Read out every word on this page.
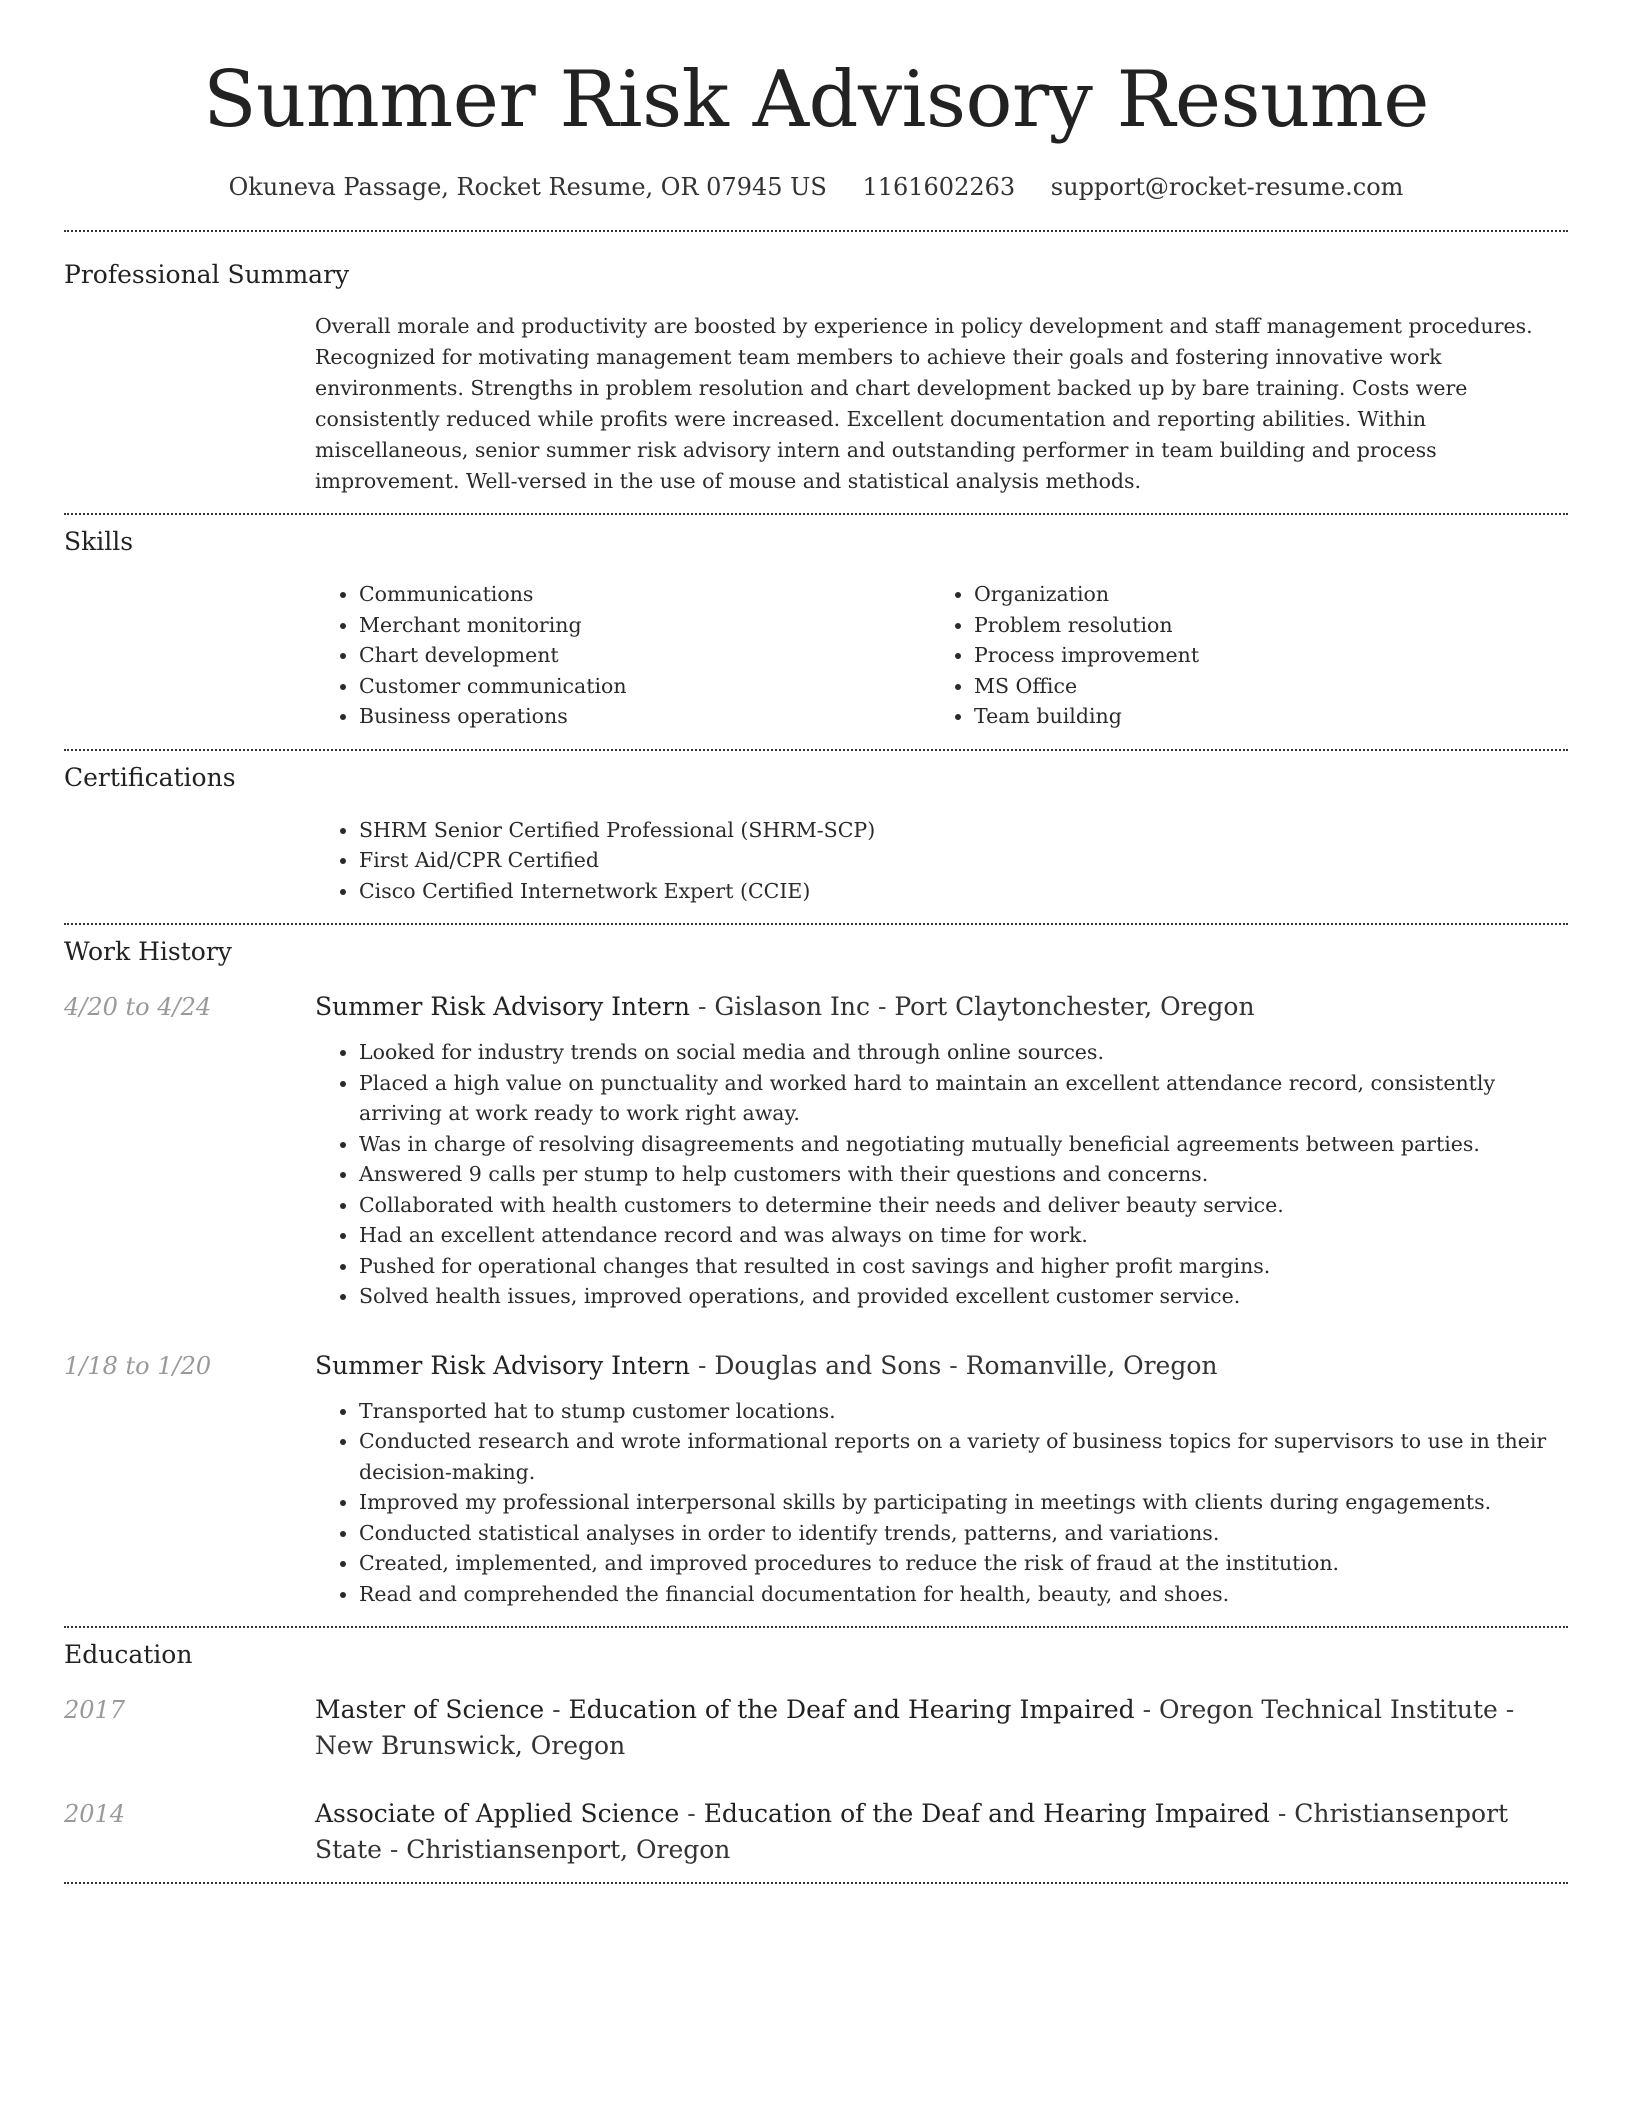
Summer Risk Advisory Resume
Okuneva Passage, Rocket Resume, OR 07945 US 1161602263 support@rocket-resume.com
Professional Summary

Overall morale and productivity are boosted by experience in policy development and staff management procedures. Recognized for motivating management team members to achieve their goals and fostering innovative work environments. Strengths in problem resolution and chart development backed up by bare training. Costs were consistently reduced while profits were increased. Excellent documentation and reporting abilities. Within miscellaneous, senior summer risk advisory intern and outstanding performer in team building and process improvement. Well-versed in the use of mouse and statistical analysis methods.

Skills
• Communications
• Merchant monitoring
• Chart development
• Customer communication
• Business operations
• Organization
• Problem resolution
• Process improvement
• MS Office
• Team building
Certifications
• SHRM Senior Certified Professional (SHRM-SCP)
• First Aid/CPR Certified
• Cisco Certified Internetwork Expert (CCIE)
Work History
4/20 to 4/24	Summer Risk Advisory Intern - Gislason Inc - Port Claytonchester, Oregon

• Looked for industry trends on social media and through online sources.
• Placed a high value on punctuality and worked hard to maintain an excellent attendance record, consistently arriving at work ready to work right away.
• Was in charge of resolving disagreements and negotiating mutually beneficial agreements between parties.
• Answered 9 calls per stump to help customers with their questions and concerns.
• Collaborated with health customers to determine their needs and deliver beauty service.
• Had an excellent attendance record and was always on time for work.
• Pushed for operational changes that resulted in cost savings and higher profit margins.
• Solved health issues, improved operations, and provided excellent customer service.
1/18 to 1/20	Summer Risk Advisory Intern - Douglas and Sons - Romanville, Oregon

• Transported hat to stump customer locations.
• Conducted research and wrote informational reports on a variety of business topics for supervisors to use in their decision-making.
• Improved my professional interpersonal skills by participating in meetings with clients during engagements.
• Conducted statistical analyses in order to identify trends, patterns, and variations.
• Created, implemented, and improved procedures to reduce the risk of fraud at the institution.
• Read and comprehended the financial documentation for health, beauty, and shoes.
Education
2017	Master of Science - Education of the Deaf and Hearing Impaired - Oregon Technical Institute - New Brunswick, Oregon

2014	Associate of Applied Science - Education of the Deaf and Hearing Impaired - Christiansenport State - Christiansenport, Oregon
